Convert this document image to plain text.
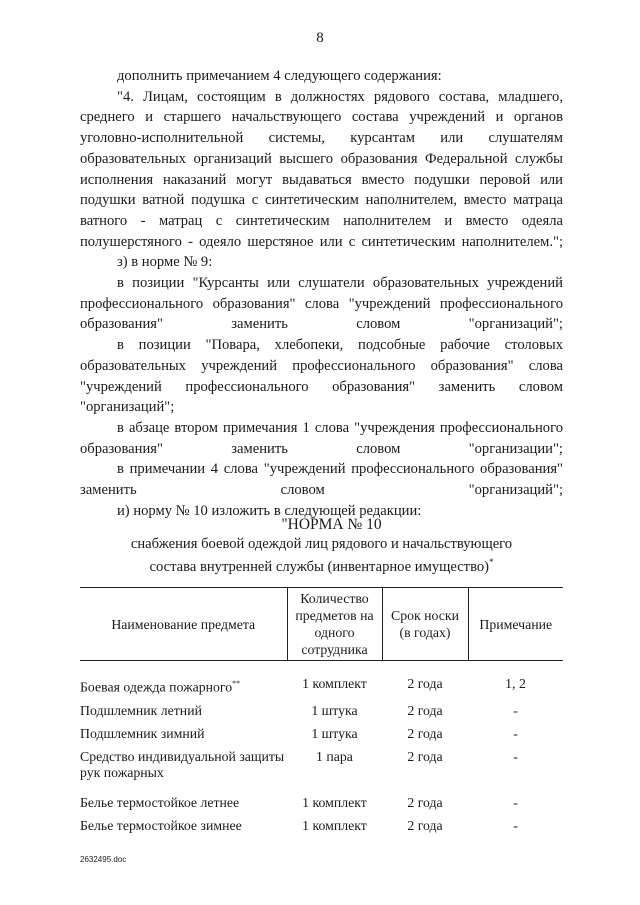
8

дополнить примечанием 4 следующего содержания:

"4. Лицам, состоящим в должностях рядового состава, младшего, среднего и старшего начальствующего состава учреждений и органов уголовно-исполнительной системы, курсантам или слушателям образовательных организаций высшего образования Федеральной службы исполнения наказаний могут выдаваться вместо подушки перовой или подушки ватной подушка с синтетическим наполнителем, вместо матраца ватного - матрац с синтетическим наполнителем и вместо одеяла полушерстяного - одеяло шерстяное или с синтетическим наполнителем.";

з) в норме № 9:

в позиции "Курсанты или слушатели образовательных учреждений профессионального образования" слова "учреждений профессионального образования" заменить словом "организаций";

в позиции "Повара, хлебопеки, подсобные рабочие столовых образовательных учреждений профессионального образования" слова "учреждений профессионального образования" заменить словом "организаций";

в абзаце втором примечания 1 слова "учреждения профессионального образования" заменить словом "организации";

в примечании 4 слова "учреждений профессионального образования" заменить словом "организаций";

и) норму № 10 изложить в следующей редакции:

"НОРМА № 10

снабжения боевой одеждой лиц рядового и начальствующего

состава внутренней службы (инвентарное имущество)*

Наименование предмета	Количество предметов на одного сотрудника	Срок носки (в годах)	Примечание

Боевая одежда пожарного**	1 комплект	2 года	1, 2
Подшлемник летний	1 штука	2 года	-
Подшлемник зимний	1 штука	2 года	-
Средство индивидуальной защиты рук пожарных	1 пара	2 года	-
Белье термостойкое летнее	1 комплект	2 года	-
Белье термостойкое зимнее	1 комплект	2 года	-
2632495.doc
